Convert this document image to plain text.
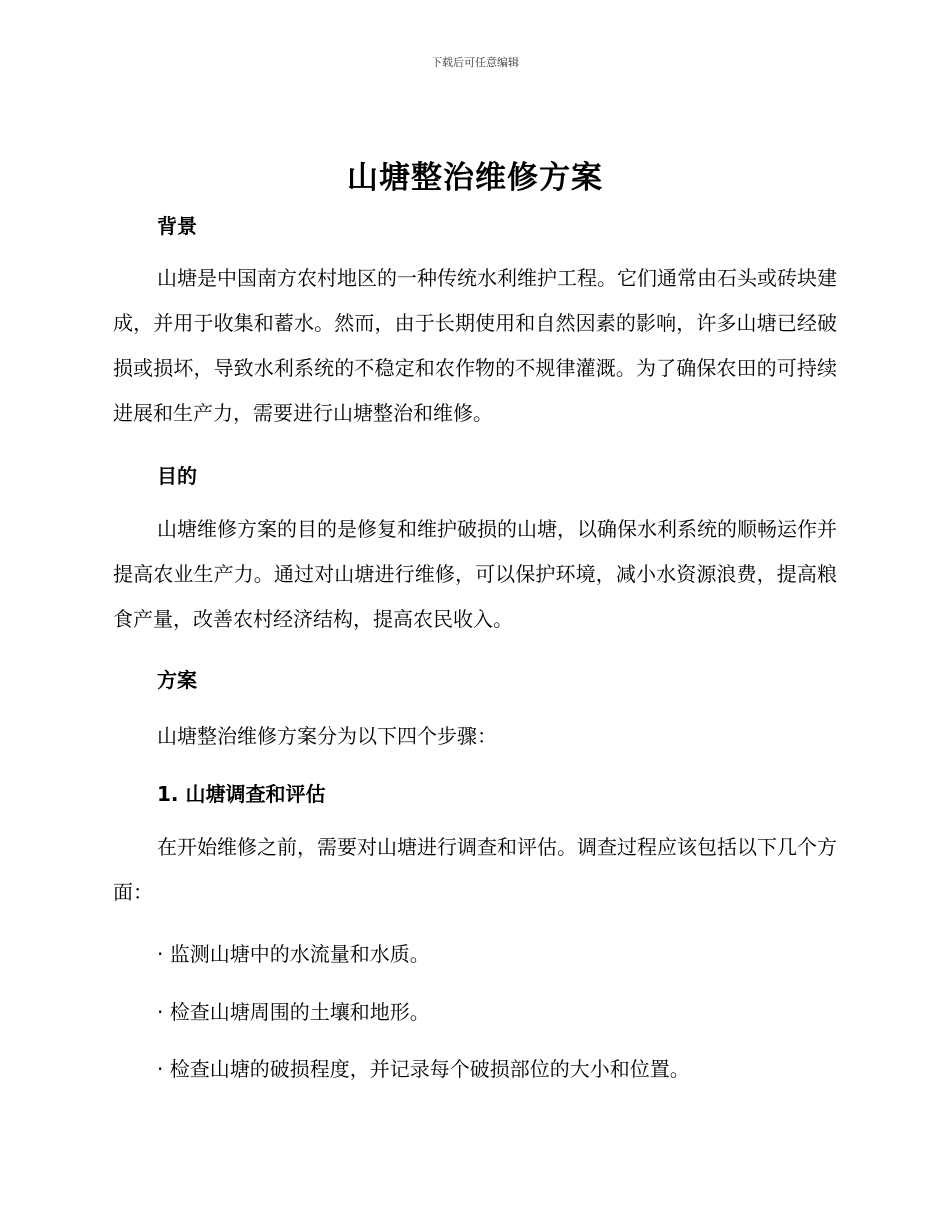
下载后可任意编辑
山塘整治维修方案
背景
山塘是中国南方农村地区的一种传统水利维护工程。它们通常由石头或砖块建成，并用于收集和蓄水。然而，由于长期使用和自然因素的影响，许多山塘已经破损或损坏，导致水利系统的不稳定和农作物的不规律灌溉。为了确保农田的可持续进展和生产力，需要进行山塘整治和维修。
目的
山塘维修方案的目的是修复和维护破损的山塘，以确保水利系统的顺畅运作并提高农业生产力。通过对山塘进行维修，可以保护环境，减小水资源浪费，提高粮食产量，改善农村经济结构，提高农民收入。
方案
山塘整治维修方案分为以下四个步骤：
1. 山塘调查和评估
在开始维修之前，需要对山塘进行调查和评估。调查过程应该包括以下几个方面：
· 监测山塘中的水流量和水质。
· 检查山塘周围的土壤和地形。
· 检查山塘的破损程度，并记录每个破损部位的大小和位置。
